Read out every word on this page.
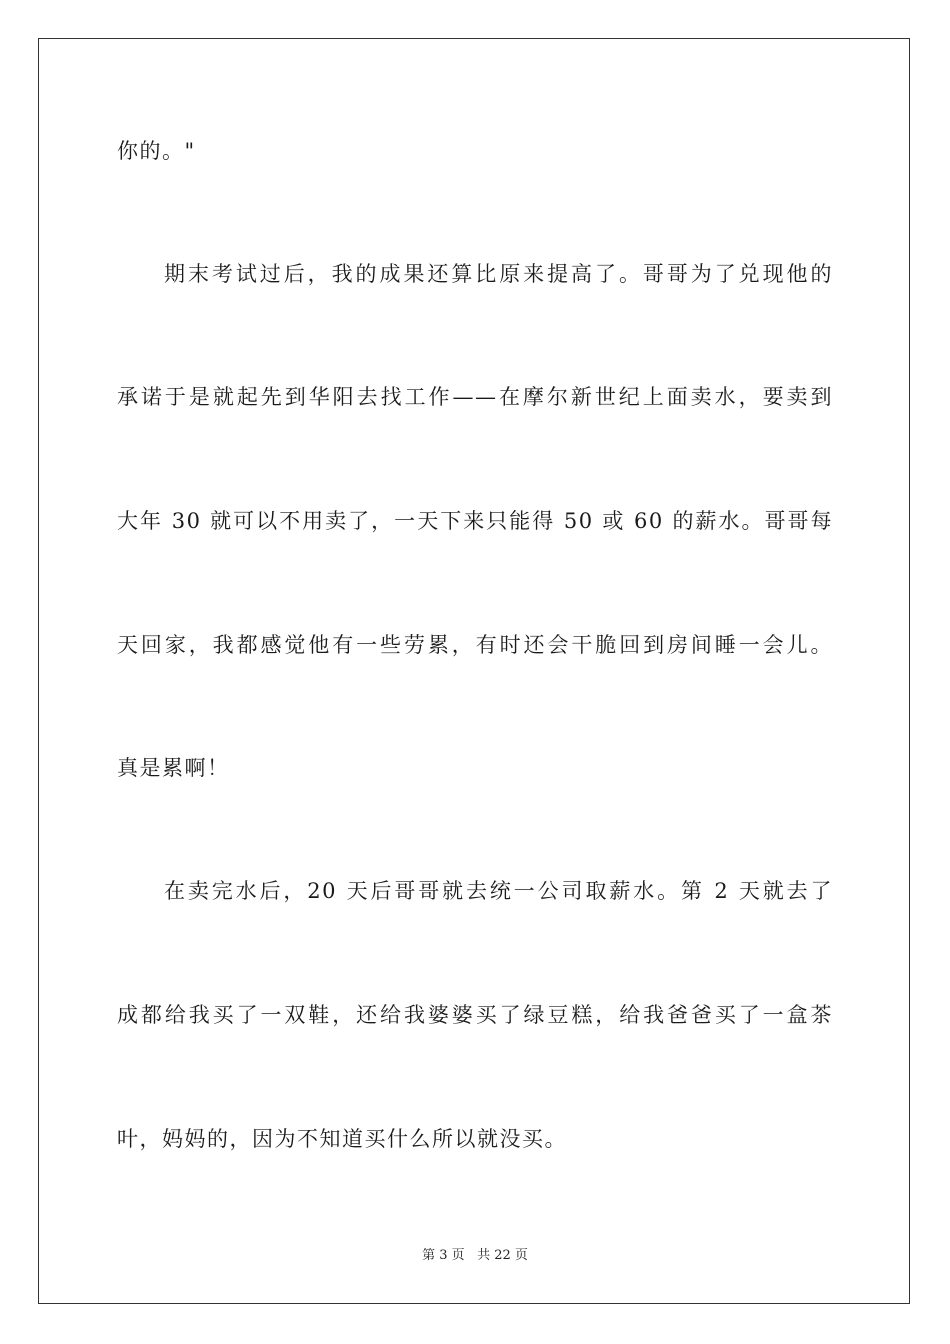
你的。"
期末考试过后，我的成果还算比原来提高了。哥哥为了兑现他的
承诺于是就起先到华阳去找工作——在摩尔新世纪上面卖水，要卖到
大年 30 就可以不用卖了，一天下来只能得 50 或 60 的薪水。哥哥每
天回家，我都感觉他有一些劳累，有时还会干脆回到房间睡一会儿。
真是累啊！
在卖完水后，20 天后哥哥就去统一公司取薪水。第 2 天就去了
成都给我买了一双鞋，还给我婆婆买了绿豆糕，给我爸爸买了一盒茶
叶，妈妈的，因为不知道买什么所以就没买。
第 3 页 共 22 页
